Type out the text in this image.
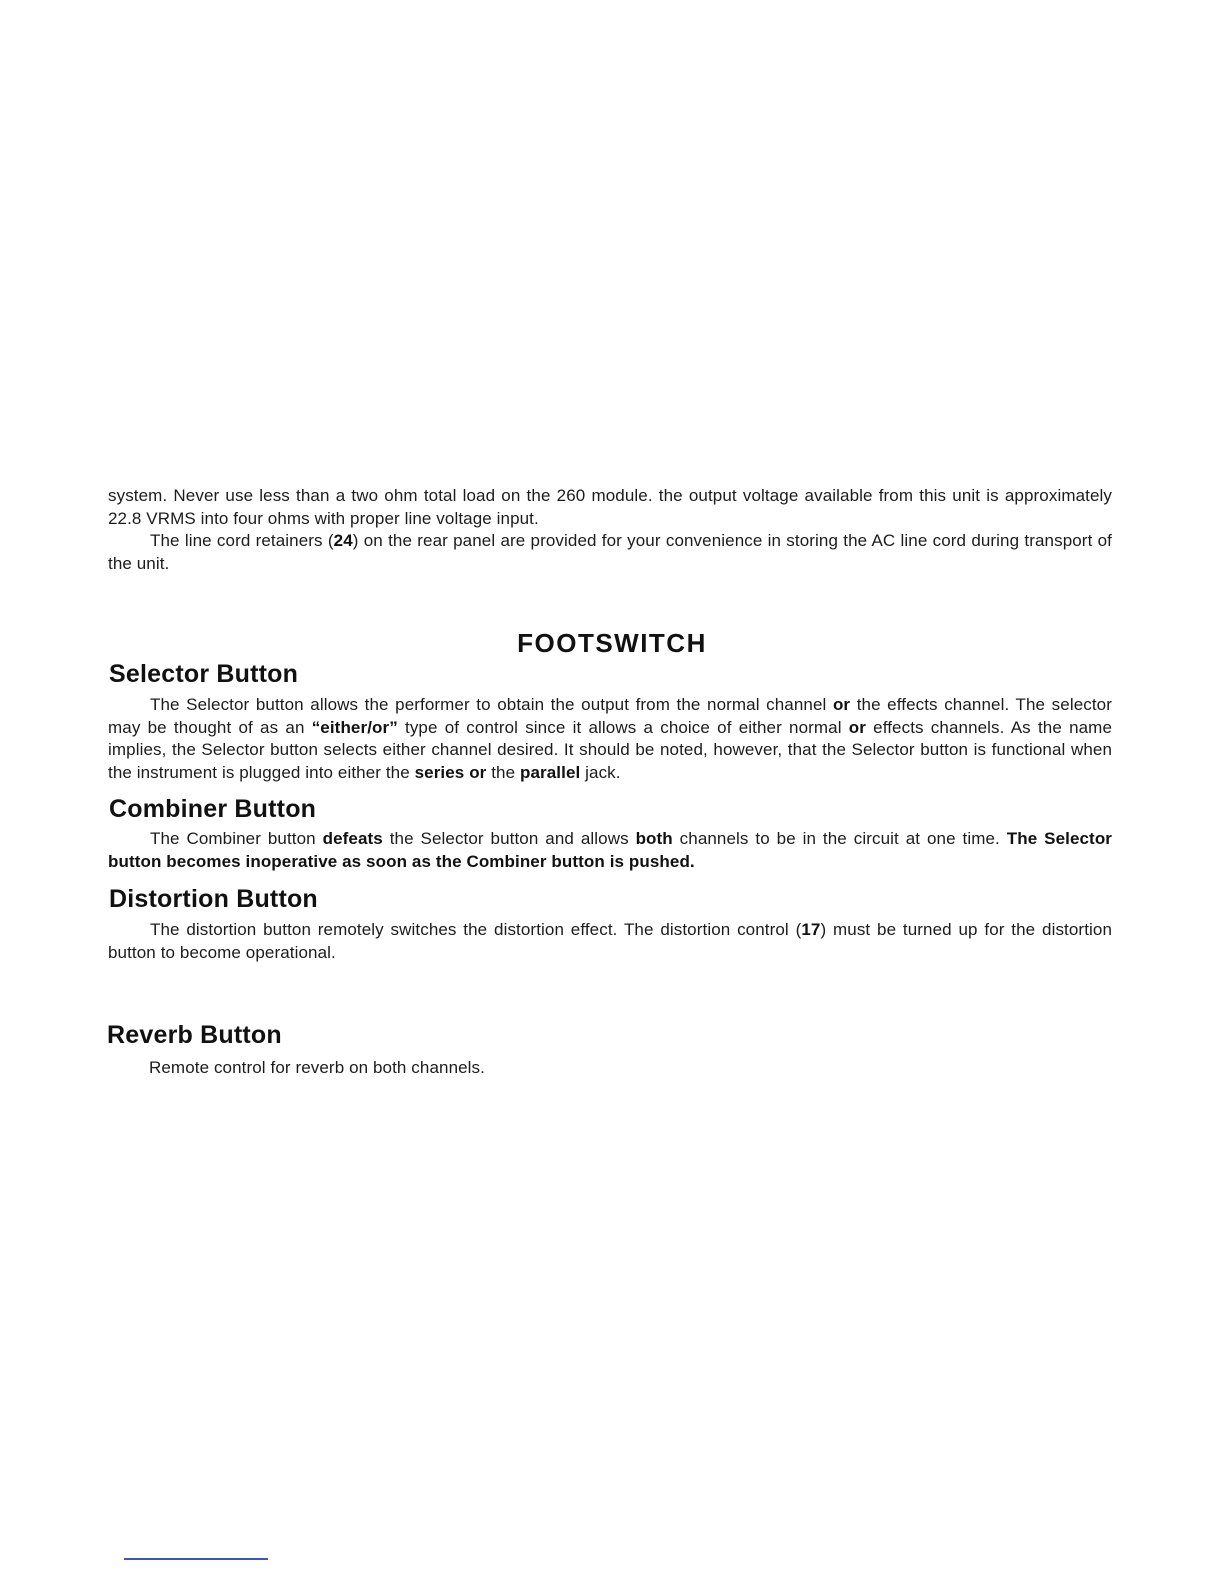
system. Never use less than a two ohm total load on the 260 module. the output voltage available from this unit is approximately 22.8 VRMS into four ohms with proper line voltage input.

The line cord retainers (24) on the rear panel are provided for your convenience in storing the AC line cord during transport of the unit.

FOOTSWITCH
Selector Button

The Selector button allows the performer to obtain the output from the normal channel or the effects channel. The selector may be thought of as an “either/or” type of control since it allows a choice of either normal or effects channels. As the name implies, the Selector button selects either channel desired. It should be noted, however, that the Selector button is functional when the instrument is plugged into either the series or the parallel jack.

Combiner Button

The Combiner button defeats the Selector button and allows both channels to be in the circuit at one time. The Selector button becomes inoperative as soon as the Combiner button is pushed.

Distortion Button

The distortion button remotely switches the distortion effect. The distortion control (17) must be turned up for the distortion button to become operational.

Reverb Button

Remote control for reverb on both channels.
